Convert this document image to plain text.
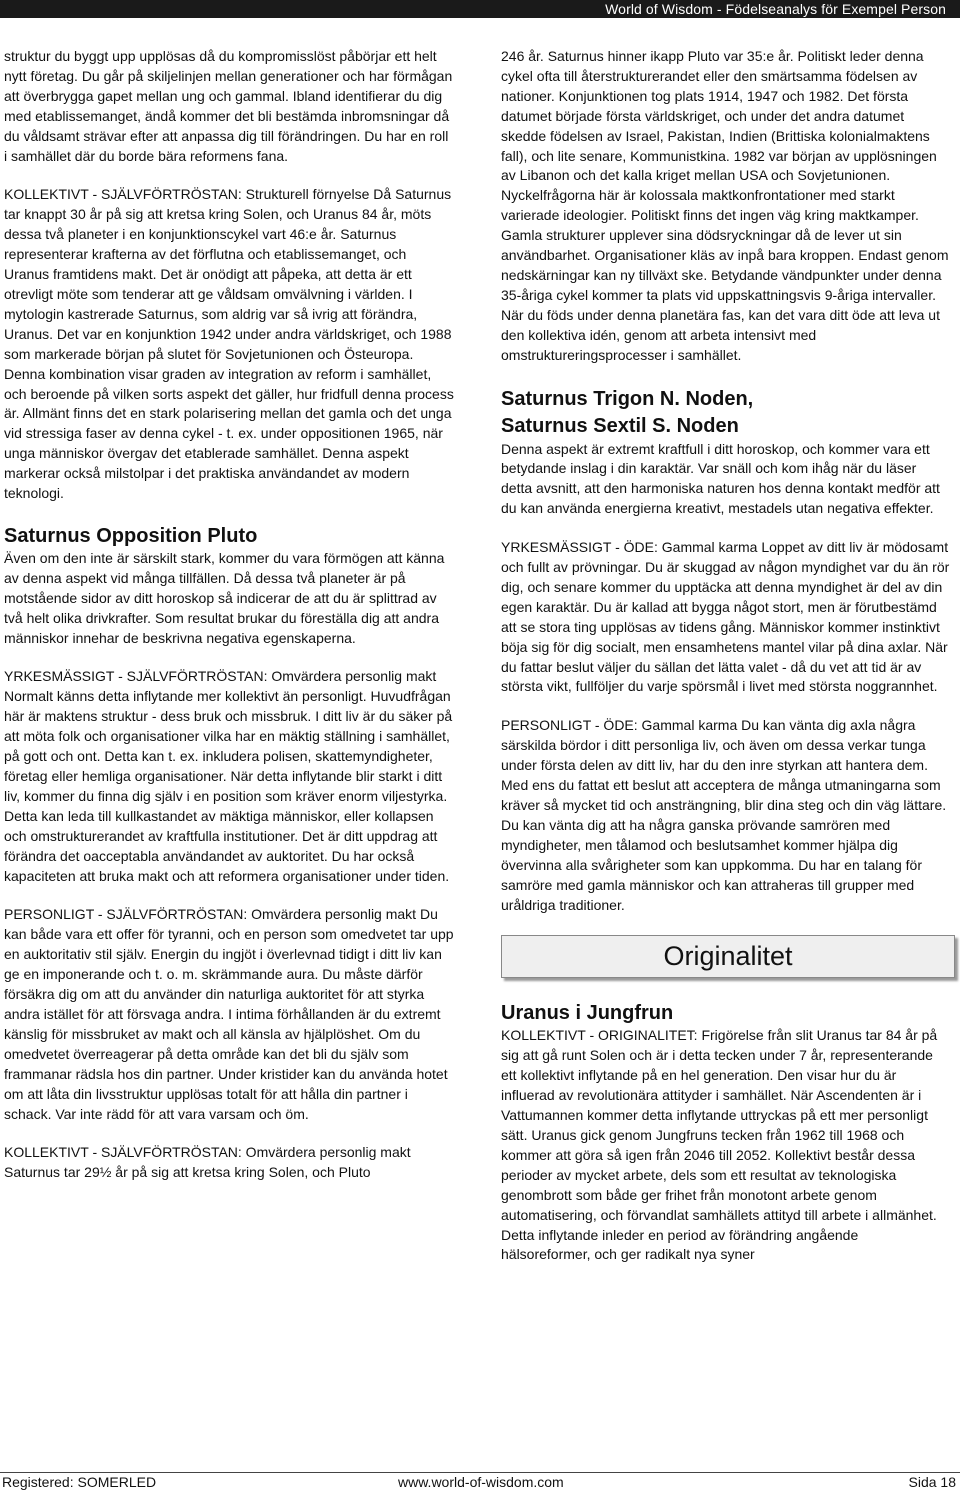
World of Wisdom - Födelseanalys för Exempel Person

struktur du byggt upp upplösas då du kompromisslöst påbörjar ett helt nytt företag. Du går på skiljelinjen mellan generationer och har förmågan att överbrygga gapet mellan ung och gammal. Ibland identifierar du dig med etablissemanget, ändå kommer det bli bestämda inbromsningar då du våldsamt strävar efter att anpassa dig till förändringen. Du har en roll i samhället där du borde bära reformens fana.

KOLLEKTIVT - SJÄLVFÖRTRÖSTAN: Strukturell förnyelse Då Saturnus tar knappt 30 år på sig att kretsa kring Solen, och Uranus 84 år, möts dessa två planeter i en konjunktionscykel vart 46:e år. Saturnus representerar krafterna av det förflutna och etablissemanget, och Uranus framtidens makt. Det är onödigt att påpeka, att detta är ett otrevligt möte som tenderar att ge våldsam omvälvning i världen. I mytologin kastrerade Saturnus, som aldrig var så ivrig att förändra, Uranus. Det var en konjunktion 1942 under andra världskriget, och 1988 som markerade början på slutet för Sovjetunionen och Östeuropa. Denna kombination visar graden av integration av reform i samhället, och beroende på vilken sorts aspekt det gäller, hur fridfull denna process är. Allmänt finns det en stark polarisering mellan det gamla och det unga vid stressiga faser av denna cykel - t. ex. under oppositionen 1965, när unga människor övergav det etablerade samhället. Denna aspekt markerar också milstolpar i det praktiska användandet av modern teknologi.

Saturnus Opposition Pluto

Även om den inte är särskilt stark, kommer du vara förmögen att känna av denna aspekt vid många tillfällen. Då dessa två planeter är på motstående sidor av ditt horoskop så indicerar de att du är splittrad av två helt olika drivkrafter. Som resultat brukar du föreställa dig att andra människor innehar de beskrivna negativa egenskaperna.

YRKESMÄSSIGT - SJÄLVFÖRTRÖSTAN: Omvärdera personlig makt Normalt känns detta inflytande mer kollektivt än personligt. Huvudfrågan här är maktens struktur - dess bruk och missbruk. I ditt liv är du säker på att möta folk och organisationer vilka har en mäktig ställning i samhället, på gott och ont. Detta kan t. ex. inkludera polisen, skattemyndigheter, företag eller hemliga organisationer. När detta inflytande blir starkt i ditt liv, kommer du finna dig själv i en position som kräver enorm viljestyrka. Detta kan leda till kullkastandet av mäktiga människor, eller kollapsen och omstrukturerandet av kraftfulla institutioner. Det är ditt uppdrag att förändra det oacceptabla användandet av auktoritet. Du har också kapaciteten att bruka makt och att reformera organisationer under tiden.

PERSONLIGT - SJÄLVFÖRTRÖSTAN: Omvärdera personlig makt Du kan både vara ett offer för tyranni, och en person som omedvetet tar upp en auktoritativ stil själv. Energin du ingjöt i överlevnad tidigt i ditt liv kan ge en imponerande och t. o. m. skrämmande aura. Du måste därför försäkra dig om att du använder din naturliga auktoritet för att styrka andra istället för att försvaga andra. I intima förhållanden är du extremt känslig för missbruket av makt och all känsla av hjälplöshet. Om du omedvetet överreagerar på detta område kan det bli du själv som frammanar rädsla hos din partner. Under kristider kan du använda hotet om att låta din livsstruktur upplösas totalt för att hålla din partner i schack. Var inte rädd för att vara varsam och öm.

KOLLEKTIVT - SJÄLVFÖRTRÖSTAN: Omvärdera personlig makt Saturnus tar 29½ år på sig att kretsa kring Solen, och Pluto

246 år. Saturnus hinner ikapp Pluto var 35:e år. Politiskt leder denna cykel ofta till återstrukturerandet eller den smärtsamma födelsen av nationer. Konjunktionen tog plats 1914, 1947 och 1982. Det första datumet började första världskriget, och under det andra datumet skedde födelsen av Israel, Pakistan, Indien (Brittiska kolonialmaktens fall), och lite senare, Kommunistkina. 1982 var början av upplösningen av Libanon och det kalla kriget mellan USA och Sovjetunionen. Nyckelfrågorna här är kolossala maktkonfrontationer med starkt varierade ideologier. Politiskt finns det ingen väg kring maktkamper. Gamla strukturer upplever sina dödsryckningar då de lever ut sin användbarhet. Organisationer kläs av inpå bara kroppen. Endast genom nedskärningar kan ny tillväxt ske. Betydande vändpunkter under denna 35-åriga cykel kommer ta plats vid uppskattningsvis 9-åriga intervaller. När du föds under denna planetära fas, kan det vara ditt öde att leva ut den kollektiva idén, genom att arbeta intensivt med omstruktureringsprocesser i samhället.

Saturnus Trigon N. Noden,
Saturnus Sextil S. Noden

Denna aspekt är extremt kraftfull i ditt horoskop, och kommer vara ett betydande inslag i din karaktär. Var snäll och kom ihåg när du läser detta avsnitt, att den harmoniska naturen hos denna kontakt medför att du kan använda energierna kreativt, mestadels utan negativa effekter.

YRKESMÄSSIGT - ÖDE: Gammal karma Loppet av ditt liv är mödosamt och fullt av prövningar. Du är skuggad av någon myndighet var du än rör dig, och senare kommer du upptäcka att denna myndighet är del av din egen karaktär. Du är kallad att bygga något stort, men är förutbestämd att se stora ting upplösas av tidens gång. Människor kommer instinktivt böja sig för dig socialt, men ensamhetens mantel vilar på dina axlar. När du fattar beslut väljer du sällan det lätta valet - då du vet att tid är av största vikt, fullföljer du varje spörsmål i livet med största noggrannhet.

PERSONLIGT - ÖDE: Gammal karma Du kan vänta dig axla några särskilda bördor i ditt personliga liv, och även om dessa verkar tunga under första delen av ditt liv, har du den inre styrkan att hantera dem. Med ens du fattat ett beslut att acceptera de många utmaningarna som kräver så mycket tid och ansträngning, blir dina steg och din väg lättare. Du kan vänta dig att ha några ganska prövande samrören med myndigheter, men tålamod och beslutsamhet kommer hjälpa dig övervinna alla svårigheter som kan uppkomma. Du har en talang för samröre med gamla människor och kan attraheras till grupper med uråldriga traditioner.

Originalitet
Uranus i Jungfrun

KOLLEKTIVT - ORIGINALITET: Frigörelse från slit Uranus tar 84 år på sig att gå runt Solen och är i detta tecken under 7 år, representerande ett kollektivt inflytande på en hel generation. Den visar hur du är influerad av revolutionära attityder i samhället. När Ascendenten är i Vattumannen kommer detta inflytande uttryckas på ett mer personligt sätt. Uranus gick genom Jungfruns tecken från 1962 till 1968 och kommer att göra så igen från 2046 till 2052. Kollektivt består dessa perioder av mycket arbete, dels som ett resultat av teknologiska genombrott som både ger frihet från monotont arbete genom automatisering, och förvandlat samhällets attityd till arbete i allmänhet. Detta inflytande inleder en period av förändring angående hälsoreformer, och ger radikalt nya syner

Registered: SOMERLED	www.world-of-wisdom.com	Sida 18
